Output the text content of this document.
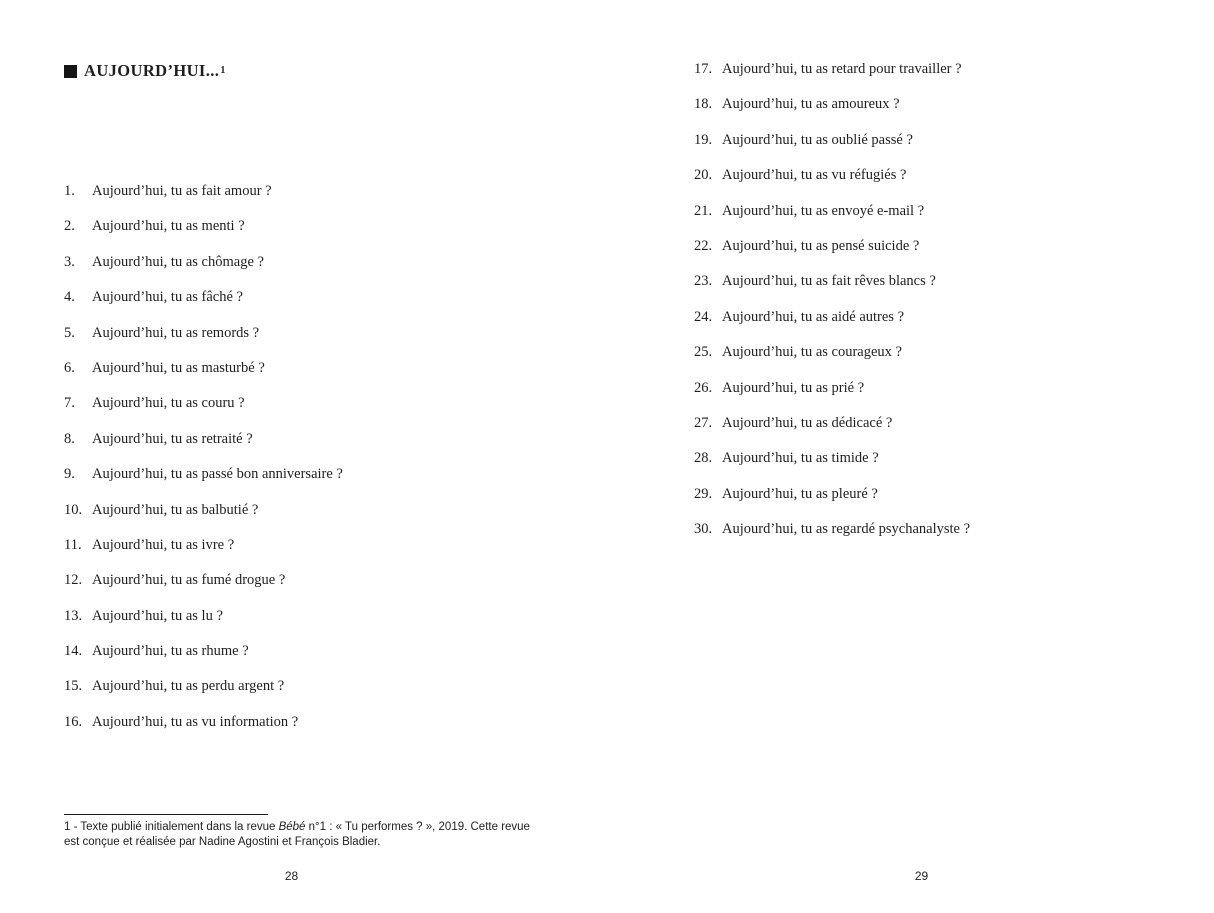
AUJOURD’HUI... 1
1.	Aujourd’hui, tu as fait amour ?
2.	Aujourd’hui, tu as menti ?
3.	Aujourd’hui, tu as chômage ?
4.	Aujourd’hui, tu as fâché ?
5.	Aujourd’hui, tu as remords ?
6.	Aujourd’hui, tu as masturbé ?
7.	Aujourd’hui, tu as couru ?
8.	Aujourd’hui, tu as retraité ?
9.	Aujourd’hui, tu as passé bon anniversaire ?
10. Aujourd’hui, tu as balbutié ?
11. Aujourd’hui, tu as ivre ?
12. Aujourd’hui, tu as fumé drogue ?
13. Aujourd’hui, tu as lu ?
14. Aujourd’hui, tu as rhume ?
15. Aujourd’hui, tu as perdu argent ?
16. Aujourd’hui, tu as vu information ?
17. Aujourd’hui, tu as retard pour travailler ?
18. Aujourd’hui, tu as amoureux ?
19. Aujourd’hui, tu as oublié passé ?
20. Aujourd’hui, tu as vu réfugiés ?
21. Aujourd’hui, tu as envoyé e-mail ?
22. Aujourd’hui, tu as pensé suicide ?
23. Aujourd’hui, tu as fait rêves blancs ?
24. Aujourd’hui, tu as aidé autres ?
25. Aujourd’hui, tu as courageux ?
26. Aujourd’hui, tu as prié ?
27. Aujourd’hui, tu as dédicacé ?
28. Aujourd’hui, tu as timide ?
29. Aujourd’hui, tu as pleuré ?
30. Aujourd’hui, tu as regardé psychanalyste ?
1 - Texte publié initialement dans la revue Bébé n°1 : « Tu performes ? », 2019. Cette revue
est conçue et réalisée par Nadine Agostini et François Bladier.
28	29
